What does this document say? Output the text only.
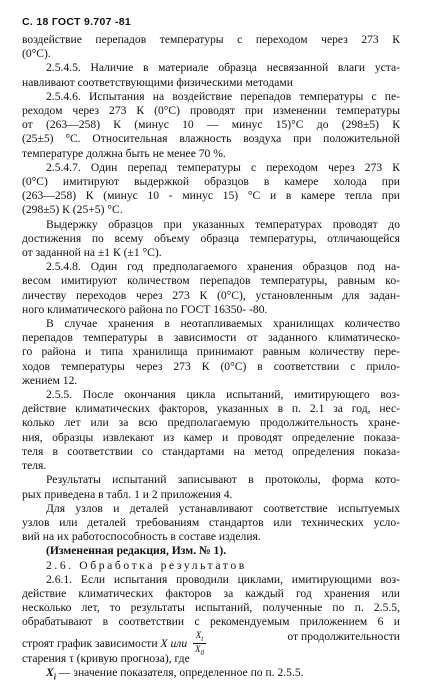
С. 18 ГОСТ 9.707 -81
воздействие перепадов температуры с переходом через 273 К
(0°С).
2.5.4.5. Наличие в материале образца несвязанной влаги уста-
навливают соответствующими физическими методами
2.5.4.6. Испытания на воздействие перепадов температуры с пе-
реходом через 273 К (0°С) проводят при изменении температуры
от (263—258) К (минус 10 — минус 15)°С до (298±5) К
(25±5) °С. Относительная влажность воздуха при положительной
температуре должна быть не менее 70 %.
2.5.4.7. Один перепад температуры с переходом через 273 К
(0°С) имитируют выдержкой образцов в камере холода при
(263—258) К (минус 10 - минус 15) °С и в камере тепла при
(298±5) К (25+5) °С.
Выдержку образцов при указанных температурах проводят до
достижения по всему объему образца температуры, отличающейся
от заданной на ±1 К (±1 °С).
2.5.4.8. Один год предполагаемого хранения образцов под на-
весом имитируют количеством перепадов температуры, равным ко-
личеству переходов через 273 К (0°С), установленным для задан-
ного климатического района по ГОСТ 16350- -80.
В случае хранения в неотапливаемых хранилищах количество
перепадов температуры в зависимости от заданного климатическо-
го района и типа хранилища принимают равным количеству пере-
ходов температуры через 273 К (0°С) в соответствии с прило-
жением 12.
2.5.5. После окончания цикла испытаний, имитирующего воз-
действие климатических факторов, указанных в п. 2.1 за год, нес-
колько лет или за всю предполагаемую продолжительность хране-
ния, образцы извлекают из камер и проводят определение показа-
теля в соответствии со стандартами на метод определения показа-
теля.
Результаты испытаний записывают в протоколы, форма кото-
рых приведена в табл. 1 и 2 приложения 4.
Для узлов и деталей устанавливают соответствие испытуемых
узлов или деталей требованиям стандартов или технических усло-
вий на их работоспособность в составе изделия.
(Измененная редакция, Изм. № 1).
2.6. Обработка результатов
2.6.1. Если испытания проводили циклами, имитирующими воз-
действие климатических факторов за каждый год хранения или
несколько лет, то результаты испытаний, полученные по п. 2.5.5,
обрабатывают в соответствии с рекомендуемым приложением 6 и
строят график зависимости X или $\frac{X_t}{X_0}$	от продолжительности
старения τ (кривую прогноза), где
$X_i$ — значение показателя, определенное по п. 2.5.5.
